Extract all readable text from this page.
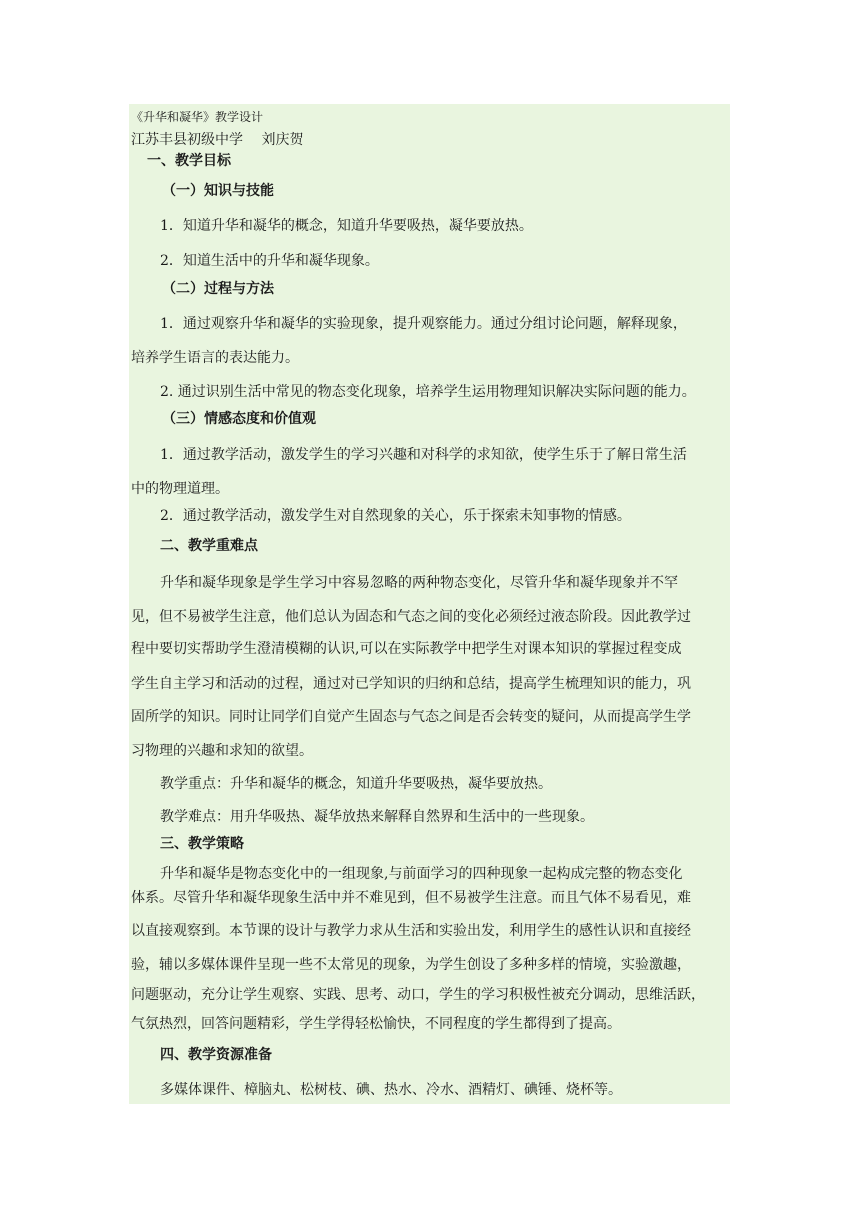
《升华和凝华》教学设计
江苏丰县初级中学　 刘庆贺
一、教学目标
（一）知识与技能
1．知道升华和凝华的概念，知道升华要吸热，凝华要放热。
2．知道生活中的升华和凝华现象。
（二）过程与方法
1．通过观察升华和凝华的实验现象，提升观察能力。通过分组讨论问题，解释现象，
培养学生语言的表达能力。
2. 通过识别生活中常见的物态变化现象，培养学生运用物理知识解决实际问题的能力。
（三）情感态度和价值观
1．通过教学活动，激发学生的学习兴趣和对科学的求知欲，使学生乐于了解日常生活
中的物理道理。
2．通过教学活动，激发学生对自然现象的关心，乐于探索未知事物的情感。
二、教学重难点
升华和凝华现象是学生学习中容易忽略的两种物态变化，尽管升华和凝华现象并不罕
见，但不易被学生注意，他们总认为固态和气态之间的变化必须经过液态阶段。因此教学过
程中要切实帮助学生澄清模糊的认识,可以在实际教学中把学生对课本知识的掌握过程变成
学生自主学习和活动的过程，通过对已学知识的归纳和总结，提高学生梳理知识的能力，巩
固所学的知识。同时让同学们自觉产生固态与气态之间是否会转变的疑问，从而提高学生学
习物理的兴趣和求知的欲望。
教学重点：升华和凝华的概念，知道升华要吸热，凝华要放热。
教学难点：用升华吸热、凝华放热来解释自然界和生活中的一些现象。
三、教学策略
升华和凝华是物态变化中的一组现象,与前面学习的四种现象一起构成完整的物态变化
体系。尽管升华和凝华现象生活中并不难见到，但不易被学生注意。而且气体不易看见，难
以直接观察到。本节课的设计与教学力求从生活和实验出发，利用学生的感性认识和直接经
验，辅以多媒体课件呈现一些不太常见的现象，为学生创设了多种多样的情境，实验激趣，
问题驱动，充分让学生观察、实践、思考、动口，学生的学习积极性被充分调动，思维活跃，
气氛热烈，回答问题精彩，学生学得轻松愉快，不同程度的学生都得到了提高。
四、教学资源准备
多媒体课件、樟脑丸、松树枝、碘、热水、冷水、酒精灯、碘锤、烧杯等。
